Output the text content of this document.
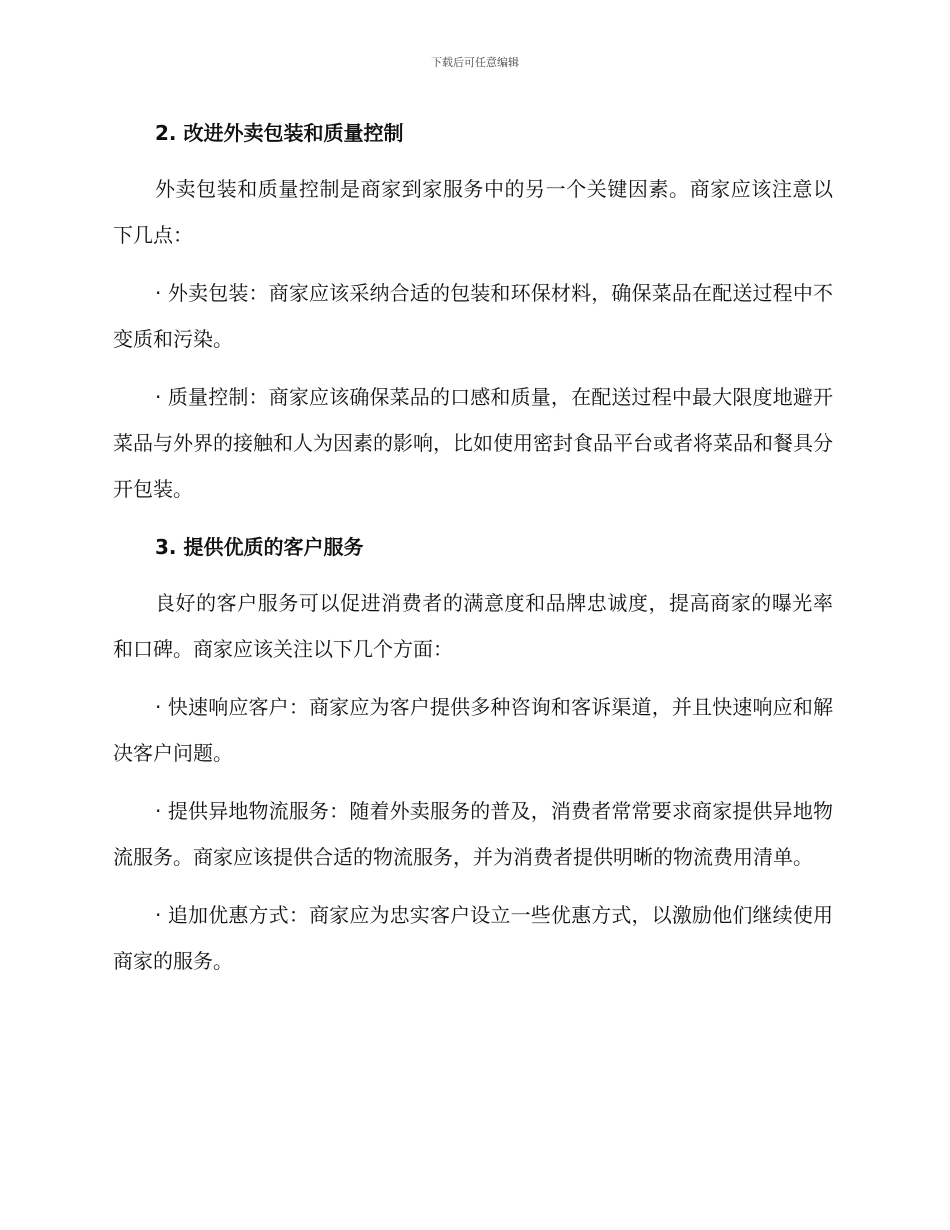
下载后可任意编辑
2. 改进外卖包装和质量控制

外卖包装和质量控制是商家到家服务中的另一个关键因素。商家应该注意以下几点：

· 外卖包装：商家应该采纳合适的包装和环保材料，确保菜品在配送过程中不变质和污染。

· 质量控制：商家应该确保菜品的口感和质量，在配送过程中最大限度地避开菜品与外界的接触和人为因素的影响，比如使用密封食品平台或者将菜品和餐具分开包装。

3. 提供优质的客户服务

良好的客户服务可以促进消费者的满意度和品牌忠诚度，提高商家的曝光率和口碑。商家应该关注以下几个方面：

· 快速响应客户：商家应为客户提供多种咨询和客诉渠道，并且快速响应和解决客户问题。

· 提供异地物流服务：随着外卖服务的普及，消费者常常要求商家提供异地物流服务。商家应该提供合适的物流服务，并为消费者提供明晰的物流费用清单。

· 追加优惠方式：商家应为忠实客户设立一些优惠方式，以激励他们继续使用商家的服务。
